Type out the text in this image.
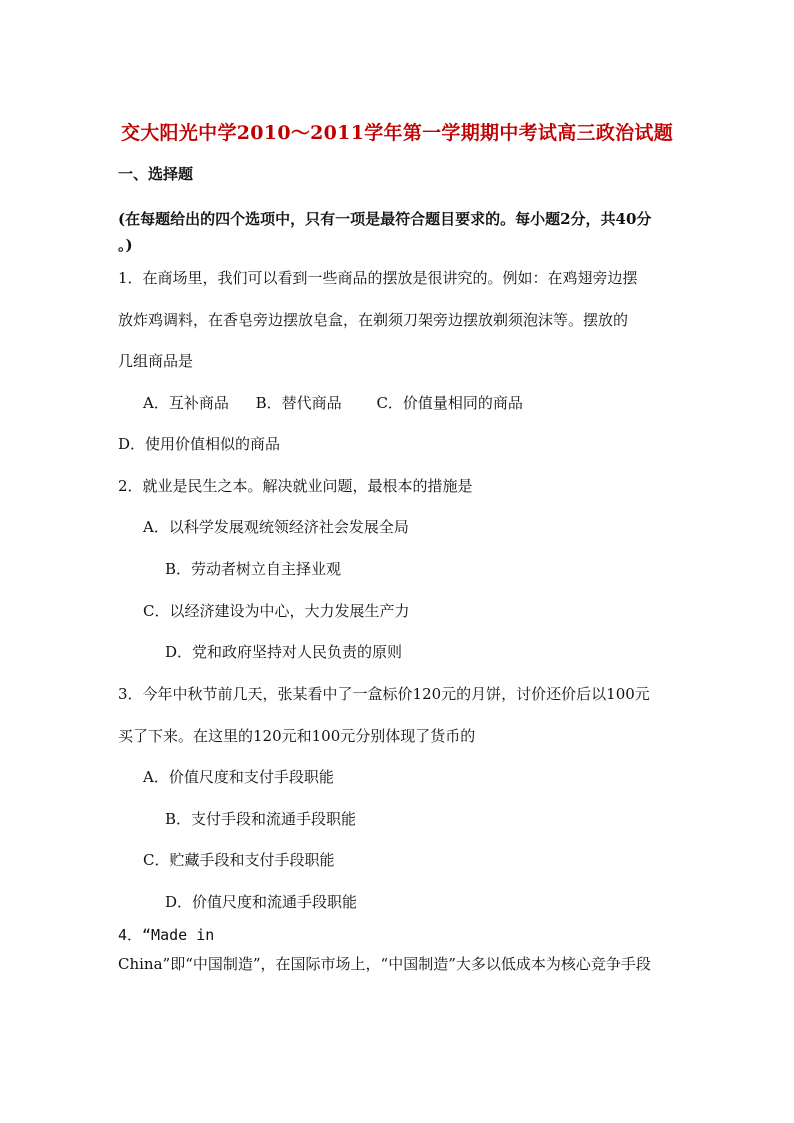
交大阳光中学2010～2011学年第一学期期中考试高三政治试题
一、选择题
(在每题给出的四个选项中，只有一项是最符合题目要求的。每小题2分，共40分
。)
1．在商场里，我们可以看到一些商品的摆放是很讲究的。例如：在鸡翅旁边摆
放炸鸡调料，在香皂旁边摆放皂盒，在剃须刀架旁边摆放剃须泡沫等。摆放的
几组商品是
A．互补商品 B．替代商品 C．价值量相同的商品
D．使用价值相似的商品
2．就业是民生之本。解决就业问题，最根本的措施是
A．以科学发展观统领经济社会发展全局
B．劳动者树立自主择业观
C．以经济建设为中心，大力发展生产力
D．党和政府坚持对人民负责的原则
3．今年中秋节前几天，张某看中了一盒标价120元的月饼，讨价还价后以100元
买了下来。在这里的120元和100元分别体现了货币的
A．价值尺度和支付手段职能
B．支付手段和流通手段职能
C．贮藏手段和支付手段职能
D．价值尺度和流通手段职能
4．“Made in
China”即“中国制造”，在国际市场上，“中国制造”大多以低成本为核心竞争手段
